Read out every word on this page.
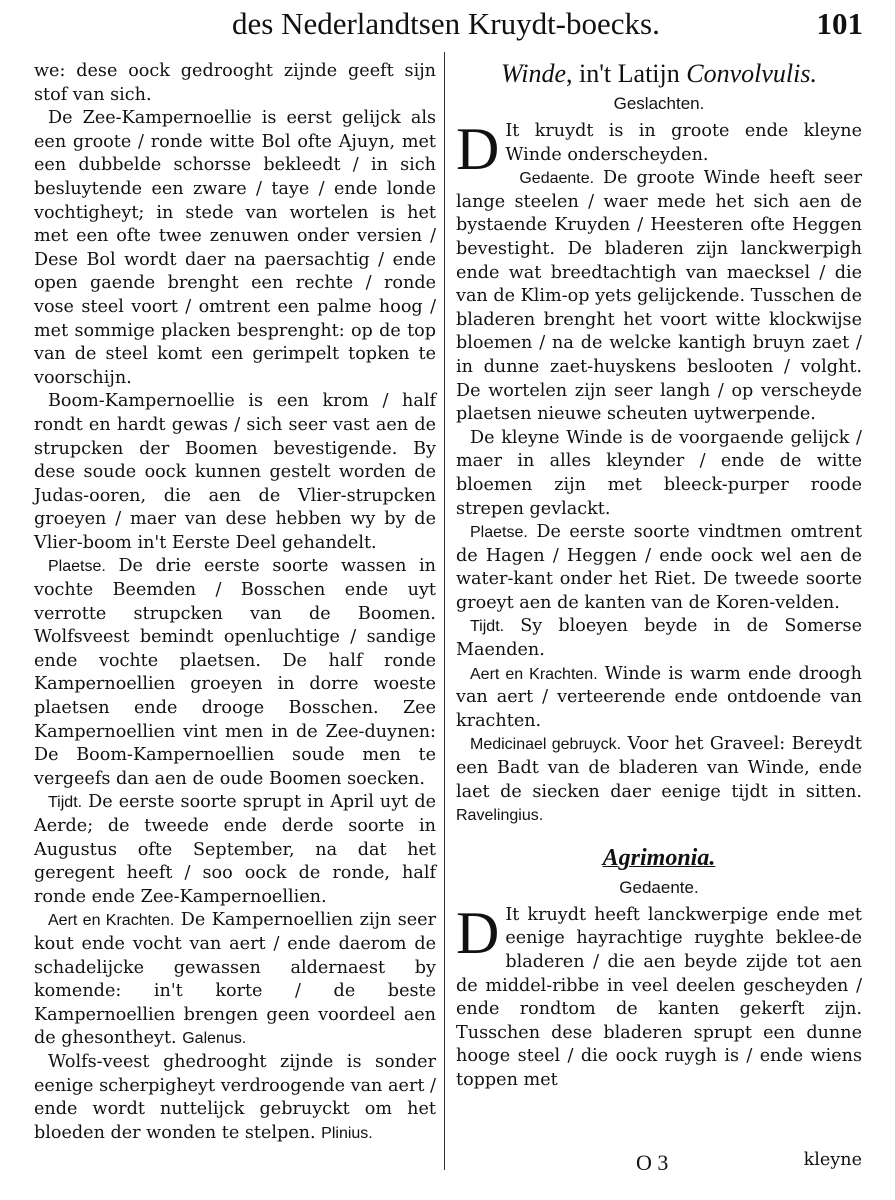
des Nederlandtsen Kruydt-boecks.	101

we: dese oock gedrooght zijnde geeft sijn stof van sich.

De Zee-Kampernoellie is eerst gelijck als een groote / ronde witte Bol ofte Ajuyn, met een dubbelde schorsse bekleedt / in sich besluytende een zware / taye / ende londe vochtigheyt; in stede van wortelen is het met een ofte twee zenuwen onder versien / Dese Bol wordt daer na paersachtig / ende open gaende brenght een rechte / ronde vose steel voort / omtrent een palme hoog / met sommige placken besprenght: op de top van de steel komt een gerimpelt topken te voorschijn.

Boom-Kampernoellie is een krom / half rondt en hardt gewas / sich seer vast aen de strupcken der Boomen bevestigende. By dese soude oock kunnen gestelt worden de Judas-ooren, die aen de Vlier-strupcken groeyen / maer van dese hebben wy by de Vlier-boom in't Eerste Deel gehandelt.

Plaetse. De drie eerste soorte wassen in vochte Beemden / Bosschen ende uyt verrotte strupcken van de Boomen. Wolfsveest bemindt openluchtige / sandige ende vochte plaetsen. De half ronde Kampernoellien groeyen in dorre woeste plaetsen ende drooge Bosschen. Zee Kampernoellien vint men in de Zee-duynen: De Boom-Kampernoellien soude men te vergeefs dan aen de oude Boomen soecken.

Tijdt. De eerste soorte sprupt in April uyt de Aerde; de tweede ende derde soorte in Augustus ofte September, na dat het geregent heeft / soo oock de ronde, half ronde ende Zee-Kampernoellien.

Aert en Krachten. De Kampernoellien zijn seer kout ende vocht van aert / ende daerom de schadelijcke gewassen aldernaest by komende: in't korte / de beste Kampernoellien brengen geen voordeel aen de ghesontheyt. Galenus.

Wolfs-veest ghedrooght zijnde is sonder eenige scherpigheyt verdroogende van aert / ende wordt nuttelijck gebruyckt om het bloeden der wonden te stelpen. Plinius.

Winde, in't Latijn Convolvulis.
Geslachten.

D It kruydt is in groote ende kleyne Winde onderscheyden.

Gedaente. De groote Winde heeft seer lange steelen / waer mede het sich aen de bystaende Kruyden / Heesteren ofte Heggen bevestight. De bladeren zijn lanckwerpigh ende wat breedtachtigh van maecksel / die van de Klim-op yets gelijckende. Tusschen de bladeren brenght het voort witte klockwijse bloemen / na de welcke kantigh bruyn zaet / in dunne zaet-huyskens beslooten / volght. De wortelen zijn seer langh / op verscheyde plaetsen nieuwe scheuten uytwerpende.

De kleyne Winde is de voorgaende gelijck / maer in alles kleynder / ende de witte bloemen zijn met bleeck-purper roode strepen gevlackt.

Plaetse. De eerste soorte vindtmen omtrent de Hagen / Heggen / ende oock wel aen de water-kant onder het Riet. De tweede soorte groeyt aen de kanten van de Koren-velden.

Tijdt. Sy bloeyen beyde in de Somerse Maenden.

Aert en Krachten. Winde is warm ende droogh van aert / verteerende ende ontdoende van krachten.

Medicinael gebruyck. Voor het Graveel: Bereydt een Badt van de bladeren van Winde, ende laet de siecken daer eenige tijdt in sitten. Ravelingius.

Agrimonia.
Gedaente.

D It kruydt heeft lanckwerpige ende met eenige hayrachtige ruyghte beklee-de bladeren / die aen beyde zijde tot aen de middel-ribbe in veel deelen gescheyden / ende rondtom de kanten gekerft zijn. Tusschen dese bladeren sprupt een dunne hooge steel / die oock ruygh is / ende wiens toppen met

O 3	kleyne
